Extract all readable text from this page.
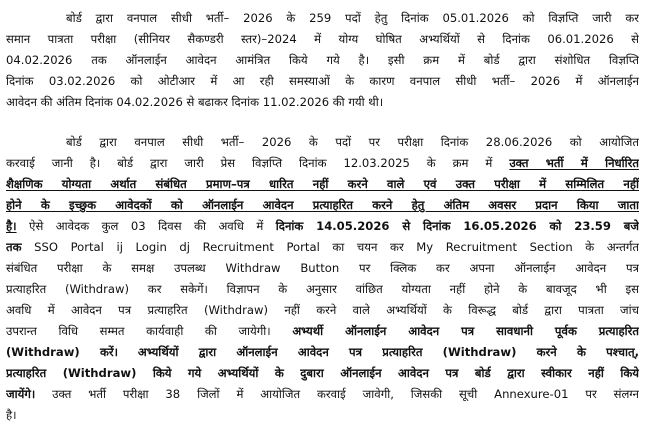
बोर्ड द्वारा वनपाल सीधी भर्ती– 2026 के 259 पदों हेतु दिनांक 05.01.2026 को विज्ञप्ति जारी कर
समान पात्रता परीक्षा (सीनियर सैकण्डरी स्तर)–2024 में योग्य घोषित अभ्यर्थियों से दिनांक 06.01.2026 से
04.02.2026 तक ऑनलाईन आवेदन आमंत्रित किये गये है। इसी क्रम में बोर्ड द्वारा संशोधित विज्ञप्ति
दिनांक 03.02.2026 को ओटीआर में आ रही समस्याओं के कारण वनपाल सीधी भर्ती– 2026 में ऑनलाईन
आवेदन की अंतिम दिनांक 04.02.2026 से बढाकर दिनांक 11.02.2026 की गयी थी।
बोर्ड द्वारा वनपाल सीधी भर्ती– 2026 के पदों पर परीक्षा दिनांक 28.06.2026 को आयोजित
करवाई जानी है। बोर्ड द्वारा जारी प्रेस विज्ञप्ति दिनांक 12.03.2025 के क्रम में उक्त भर्ती में निर्धारित
शैक्षणिक योग्यता अर्थात संबंधित प्रमाण–पत्र धारित नहीं करने वाले एवं उक्त परीक्षा में सम्मिलित नहीं
होने के इच्छुक आवेदकों को ऑनलाईन आवेदन प्रत्याहरित करने हेतु अंतिम अवसर प्रदान किया जाता
है। ऐसे आवेदक कुल 03 दिवस की अवधि में दिनांक 14.05.2026 से दिनांक 16.05.2026 को 23.59 बजे
तक SSO Portal ij Login dj Recruitment Portal का चयन कर My Recruitment Section के अन्तर्गत
संबंधित परीक्षा के समक्ष उपलब्ध Withdraw Button पर क्लिक कर अपना ऑनलाईन आवेदन पत्र
प्रत्याहरित (Withdraw) कर सकेगें। विज्ञापन के अनुसार वांछित योग्यता नहीं होने के बावजूद भी इस
अवधि में आवेदन पत्र प्रत्याहरित (Withdraw) नहीं करने वाले अभ्यर्थियों के विरूद्ध बोर्ड द्वारा पात्रता जांच
उपरान्त विधि सम्मत कार्यवाही की जायेगी। अभ्यर्थी ऑनलाईन आवेदन पत्र सावधानी पूर्वक प्रत्याहरित
(Withdraw) करें। अभ्यर्थियों द्वारा ऑनलाईन आवेदन पत्र प्रत्याहरित (Withdraw) करने के पश्चात्,
प्रत्याहरित (Withdraw) किये गये अभ्यर्थियों के दुबारा ऑनलाईन आवेदन पत्र बोर्ड द्वारा स्वीकार नहीं किये
जायेंगे। उक्त भर्ती परीक्षा 38 जिलों में आयोजित करवाई जावेगी, जिसकी सूची Annexure-01 पर संलग्न
है।
